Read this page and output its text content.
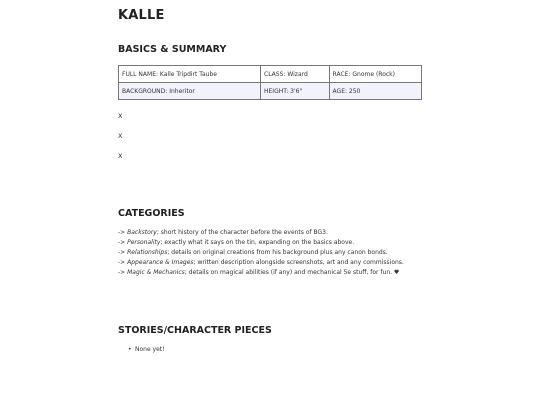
KALLE
BASICS & SUMMARY
FULL NAME: Kalle Tripdirt Taube	CLASS: Wizard	RACE: Gnome (Rock)
BACKGROUND: Inheritor	HEIGHT: 3'6"	AGE: 250
X
X
X
CATEGORIES
-> Backstory; short history of the character before the events of BG3.
-> Personality; exactly what it says on the tin, expanding on the basics above.
-> Relationships; details on original creations from his background plus any canon bonds.
-> Appearance & Images; written description alongside screenshots, art and any commissions.
-> Magic & Mechanics; details on magical abilities (if any) and mechanical 5e stuff, for fun. ♥
STORIES/CHARACTER PIECES
• None yet!
